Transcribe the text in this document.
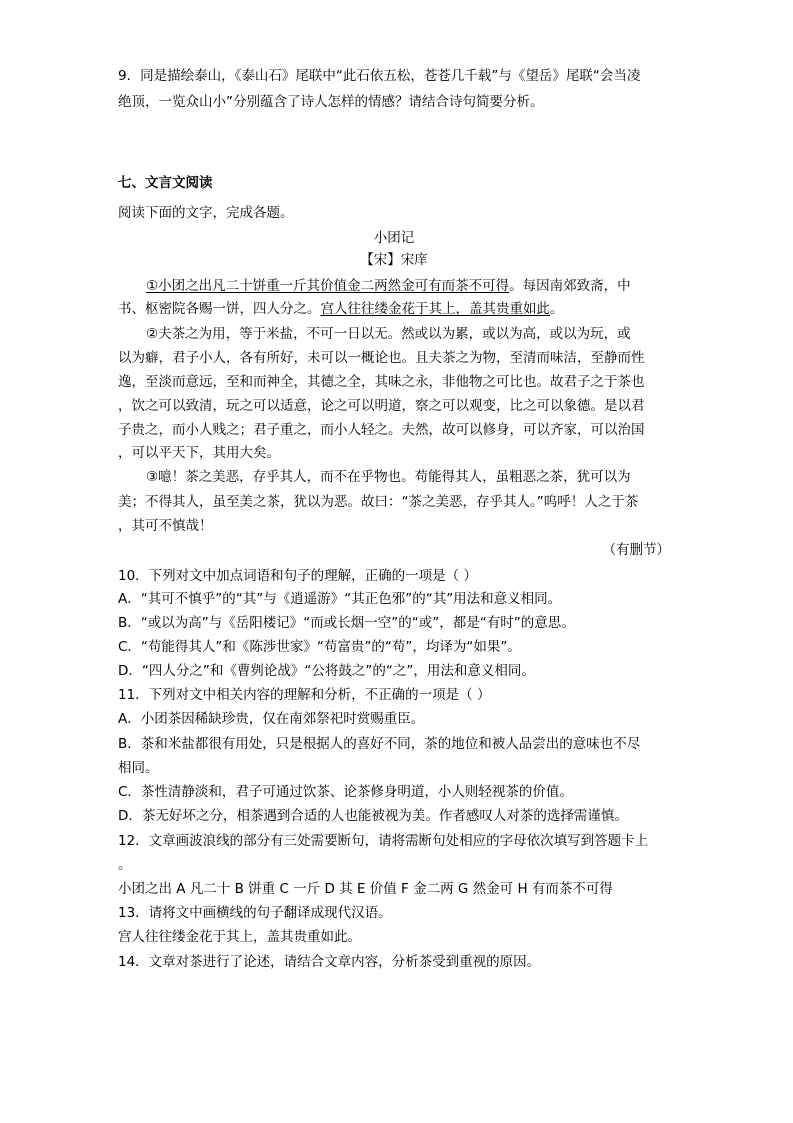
9．同是描绘泰山，《泰山石》尾联中“此石依五松，苍苍几千载”与《望岳》尾联“会当凌
绝顶，一览众山小”分别蕴含了诗人怎样的情感？请结合诗句简要分析。
七、文言文阅读
阅读下面的文字，完成各题。
小团记
【宋】宋庠
①小团之出凡二十饼重一斤其价值金二两然金可有而茶不可得。每因南郊致斋，中
书、枢密院各赐一饼，四人分之。宫人往往缕金花于其上，盖其贵重如此。
②夫茶之为用，等于米盐，不可一日以无。然或以为累，或以为高，或以为玩，或
以为癖，君子小人，各有所好，未可以一概论也。且夫茶之为物，至清而味洁，至静而性
逸，至淡而意远，至和而神全，其德之全，其味之永，非他物之可比也。故君子之于茶也
，饮之可以致清，玩之可以适意，论之可以明道，察之可以观变，比之可以象德。是以君
子贵之，而小人贱之；君子重之，而小人轻之。夫然，故可以修身，可以齐家，可以治国
，可以平天下，其用大矣。
③噫！茶之美恶，存乎其人，而不在乎物也。苟能得其人，虽粗恶之茶，犹可以为
美；不得其人，虽至美之茶，犹以为恶。故曰：“茶之美恶，存乎其人。”呜呼！人之于茶
，其可不慎哉！
（有删节）
10．下列对文中加点词语和句子的理解，正确的一项是（ ）
A．“其可不慎乎”的“其”与《逍遥游》“其正色邪”的“其”用法和意义相同。
B．“或以为高”与《岳阳楼记》“而或长烟一空”的“或”，都是“有时”的意思。
C．“苟能得其人”和《陈涉世家》“苟富贵”的“苟”，均译为“如果”。
D．“四人分之”和《曹刿论战》“公将鼓之”的“之”，用法和意义相同。
11．下列对文中相关内容的理解和分析，不正确的一项是（ ）
A．小团茶因稀缺珍贵，仅在南郊祭祀时赏赐重臣。
B．茶和米盐都很有用处，只是根据人的喜好不同，茶的地位和被人品尝出的意味也不尽
相同。
C．茶性清静淡和，君子可通过饮茶、论茶修身明道，小人则轻视茶的价值。
D．茶无好坏之分，相茶遇到合适的人也能被视为美。作者感叹人对茶的选择需谨慎。
12．文章画波浪线的部分有三处需要断句，请将需断句处相应的字母依次填写到答题卡上
。
小团之出 A 凡二十 B 饼重 C 一斤 D 其 E 价值 F 金二两 G 然金可 H 有而茶不可得
13．请将文中画横线的句子翻译成现代汉语。
宫人往往缕金花于其上，盖其贵重如此。
14．文章对茶进行了论述，请结合文章内容，分析茶受到重视的原因。
